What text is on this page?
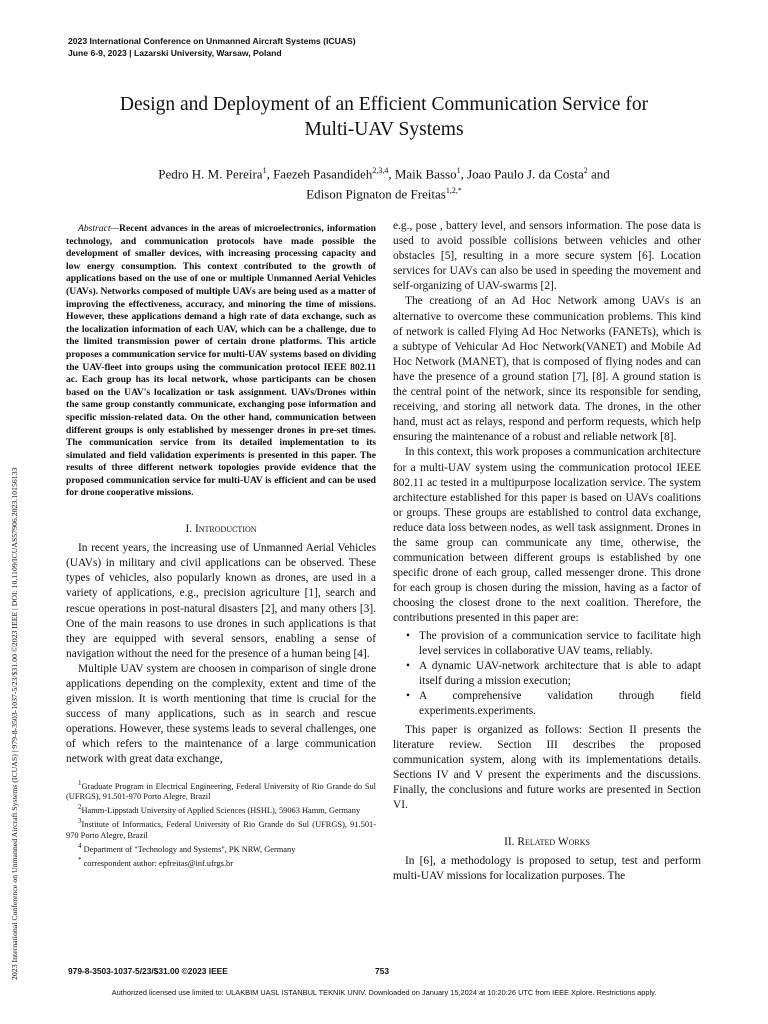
2023 International Conference on Unmanned Aircraft Systems (ICUAS)
June 6-9, 2023 | Lazarski University, Warsaw, Poland
Design and Deployment of an Efficient Communication Service for
Multi-UAV Systems
Pedro H. M. Pereira$^1$, Faezeh Pasandideh$^{2,3,4}$, Maik Basso$^1$, Joao Paulo J. da Costa$^2$ and
Edison Pignaton de Freitas$^{1,2,*}$
2023 International Conference on Unmanned Aircraft Systems (ICUAS) | 979-8-3503-1037-5/23/$31.00 ©2023 IEEE | DOI: 10.1109/ICUAS57906.2023.10156133

Abstract—Recent advances in the areas of microelectronics, information technology, and communication protocols have made possible the development of smaller devices, with increasing processing capacity and low energy consumption. This context contributed to the growth of applications based on the use of one or multiple Unmanned Aerial Vehicles (UAVs). Networks composed of multiple UAVs are being used as a matter of improving the effectiveness, accuracy, and minoring the time of missions. However, these applications demand a high rate of data exchange, such as the localization information of each UAV, which can be a challenge, due to the limited transmission power of certain drone platforms. This article proposes a communication service for multi-UAV systems based on dividing the UAV-fleet into groups using the communication protocol IEEE 802.11 ac. Each group has its local network, whose participants can be chosen based on the UAV's localization or task assignment. UAVs/Drones within the same group constantly communicate, exchanging pose information and specific mission-related data. On the other hand, communication between different groups is only established by messenger drones in pre-set times. The communication service from its detailed implementation to its simulated and field validation experiments is presented in this paper. The results of three different network topologies provide evidence that the proposed communication service for multi-UAV is efficient and can be used for drone cooperative missions.

I. Introduction

In recent years, the increasing use of Unmanned Aerial Vehicles (UAVs) in military and civil applications can be observed. These types of vehicles, also popularly known as drones, are used in a variety of applications, e.g., precision agriculture [1], search and rescue operations in post-natural disasters [2], and many others [3]. One of the main reasons to use drones in such applications is that they are equipped with several sensors, enabling a sense of navigation without the need for the presence of a human being [4].

Multiple UAV system are choosen in comparison of single drone applications depending on the complexity, extent and time of the given mission. It is worth mentioning that time is crucial for the success of many applications, such as in search and rescue operations. However, these systems leads to several challenges, one of which refers to the maintenance of a large communication network with great data exchange,

$^1$Graduate Program in Electrical Engineering, Federal University of Rio Grande do Sul (UFRGS), 91.501-970 Porto Alegre, Brazil

$^2$Hamm-Lippstadt University of Applied Sciences (HSHL), 59063 Hamm, Germany

$^3$Institute of Informatics, Federal University of Rio Grande do Sul (UFRGS), 91.501-970 Porto Alegre, Brazil

$^4$ Department of "Technology and Systems", PK NRW, Germany

* correspondent author: epfreitas@inf.ufrgs.br

e.g., pose , battery level, and sensors information. The pose data is used to avoid possible collisions between vehicles and other obstacles [5], resulting in a more secure system [6]. Location services for UAVs can also be used in speeding the movement and self-organizing of UAV-swarms [2].

The creationg of an Ad Hoc Network among UAVs is an alternative to overcome these communication problems. This kind of network is called Flying Ad Hoc Networks (FANETs), which is a subtype of Vehicular Ad Hoc Network(VANET) and Mobile Ad Hoc Network (MANET), that is composed of flying nodes and can have the presence of a ground station [7], [8]. A ground station is the central point of the network, since its responsible for sending, receiving, and storing all network data. The drones, in the other hand, must act as relays, respond and perform requests, which help ensuring the maintenance of a robust and reliable network [8].

In this context, this work proposes a communication architecture for a multi-UAV system using the communication protocol IEEE 802.11 ac tested in a multipurpose localization service. The system architecture established for this paper is based on UAVs coalitions or groups. These groups are established to control data exchange, reduce data loss between nodes, as well task assignment. Drones in the same group can communicate any time, otherwise, the communication between different groups is established by one specific drone of each group, called messenger drone. This drone for each group is chosen during the mission, having as a factor of choosing the closest drone to the next coalition. Therefore, the contributions presented in this paper are:

• The provision of a communication service to facilitate high level services in collaborative UAV teams, reliably.
• A dynamic UAV-network architecture that is able to adapt itself during a mission execution;
• A comprehensive validation through field experiments.experiments.

This paper is organized as follows: Section II presents the literature review. Section III describes the proposed communication system, along with its implementations details. Sections IV and V present the experiments and the discussions. Finally, the conclusions and future works are presented in Section VI.

II. Related Works

In [6], a methodology is proposed to setup, test and perform multi-UAV missions for localization purposes. The

979-8-3503-1037-5/23/$31.00 ©2023 IEEE	753
Authorized licensed use limited to: ULAKBIM UASL ISTANBUL TEKNIK UNIV. Downloaded on January 15,2024 at 10:20:26 UTC from IEEE Xplore. Restrictions apply.
